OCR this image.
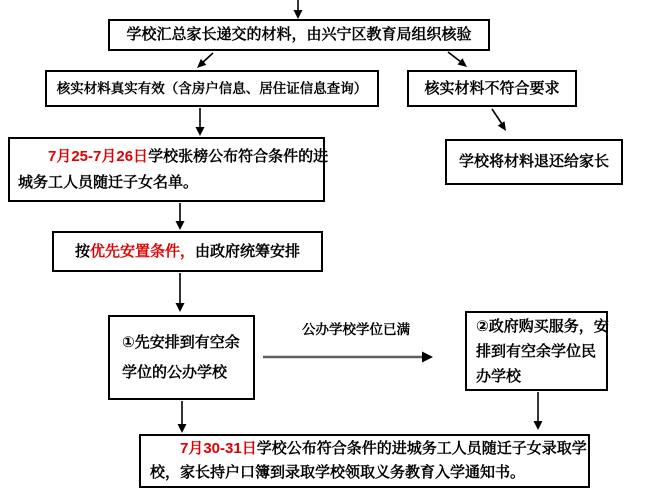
学校汇总家长递交的材料，由兴宁区教育局组织核验
核实材料真实有效（含房户信息、居住证信息查询）	核实材料不符合要求
7月25-7月26日学校张榜公布符合条件的进
城务工人员随迁子女名单。
学校将材料退还给家长
按优先安置条件，由政府统筹安排
①先安排到有空余
学位的公办学校
公办学校学位已满	②政府购买服务，安
排到有空余学位民
办学校
7月30-31日学校公布符合条件的进城务工人员随迁子女录取学
校，家长持户口簿到录取学校领取义务教育入学通知书。
